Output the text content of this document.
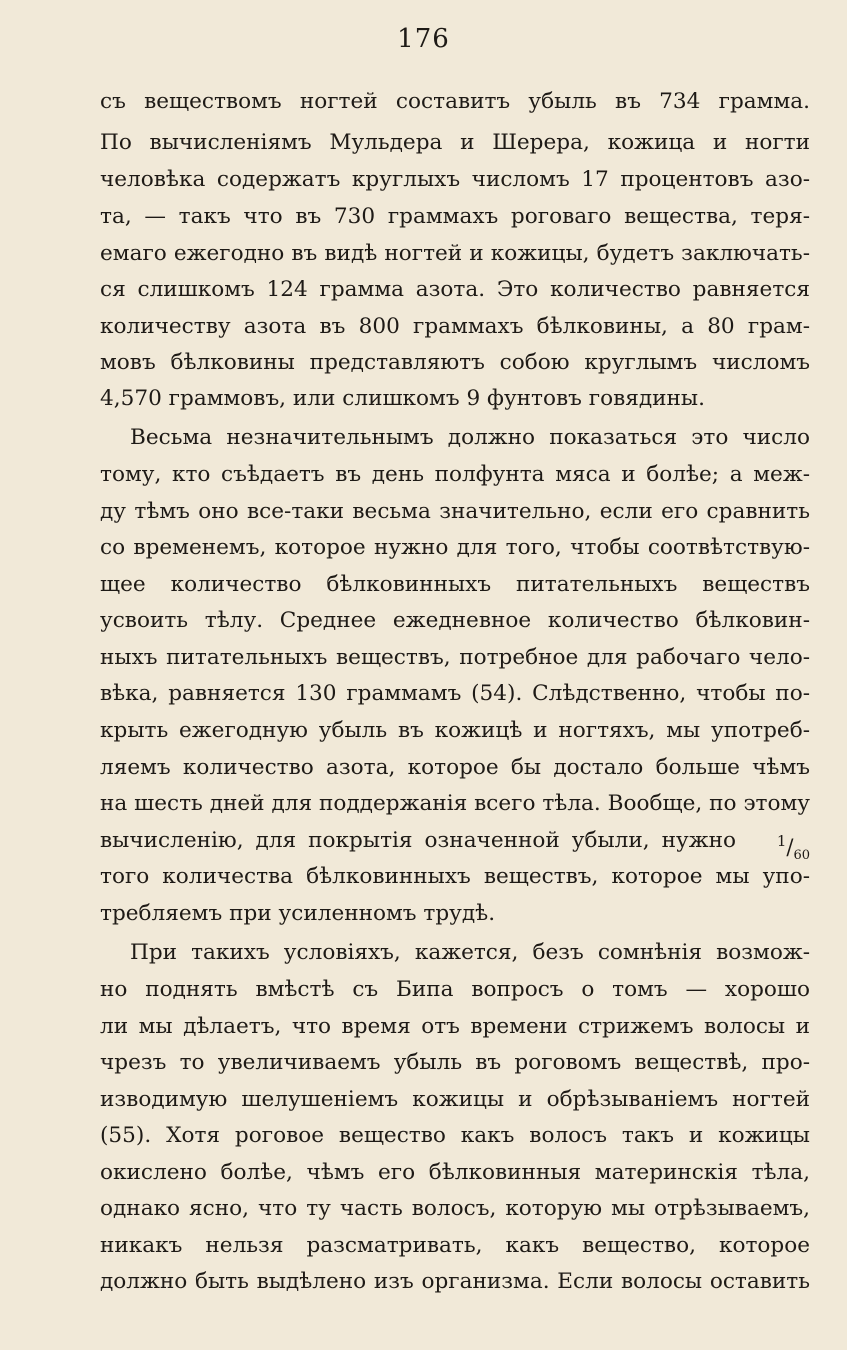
176
съ веществомъ ногтей составитъ убыль въ 734 грамма.
По вычисленіямъ Мульдера и Шерера, кожица и ногти
человѣка содержатъ круглыхъ числомъ 17 процентовъ азо-
та, — такъ что въ 730 граммахъ роговаго вещества, теря-
емаго ежегодно въ видѣ ногтей и кожицы, будетъ заключать-
ся слишкомъ 124 грамма азота. Это количество равняется
количеству азота въ 800 граммахъ бѣлковины, а 80 грам-
мовъ бѣлковины представляютъ собою круглымъ числомъ
4,570 граммовъ, или слишкомъ 9 фунтовъ говядины.
Весьма незначительнымъ должно показаться это число
тому, кто съѣдаетъ въ день полфунта мяса и болѣе; а меж-
ду тѣмъ оно все-таки весьма значительно, если его сравнить
со временемъ, которое нужно для того, чтобы соотвѣтствую-
щее количество бѣлковинныхъ питательныхъ веществъ
усвоить тѣлу. Среднее ежедневное количество бѣлковин-
ныхъ питательныхъ веществъ, потребное для рабочаго чело-
вѣка, равняется 130 граммамъ (54). Слѣдственно, чтобы по-
крыть ежегодную убыль въ кожицѣ и ногтяхъ, мы употреб-
ляемъ количество азота, которое бы достало больше чѣмъ
на шесть дней для поддержанія всего тѣла. Вообще, по этому
вычисленію, для покрытія означенной убыли, нужно	$^1/_{60}$
того количества бѣлковинныхъ веществъ, которое мы упо-
требляемъ при усиленномъ трудѣ.
При такихъ условіяхъ, кажется, безъ сомнѣнія возмож-
но поднять вмѣстѣ съ Бипа вопросъ о томъ — хорошо
ли мы дѣлаетъ, что время отъ времени стрижемъ волосы и
чрезъ то увеличиваемъ убыль въ роговомъ веществѣ, про-
изводимую шелушеніемъ кожицы и обрѣзываніемъ ногтей
(55). Хотя роговое вещество какъ волосъ такъ и кожицы
окислено болѣе, чѣмъ его бѣлковинныя материнскія тѣла,
однако ясно, что ту часть волосъ, которую мы отрѣзываемъ,
никакъ нельзя разсматривать, какъ вещество, которое
должно быть выдѣлено изъ организма. Если волосы оставить
